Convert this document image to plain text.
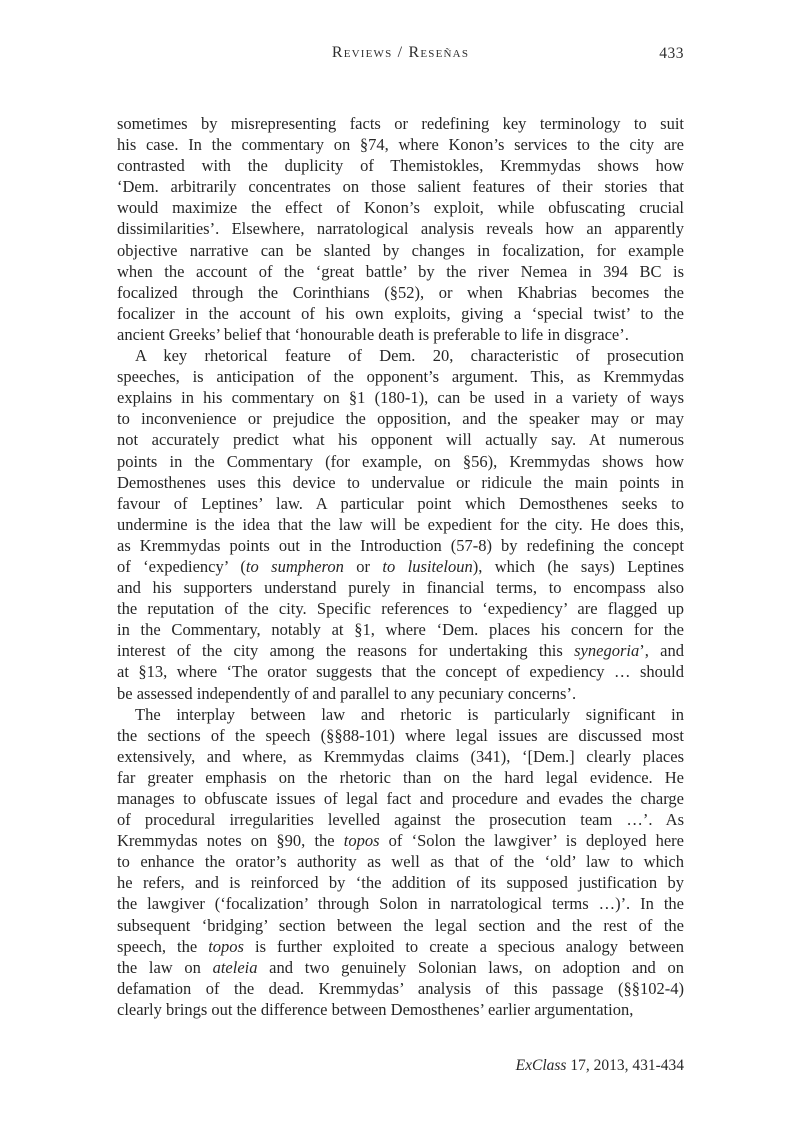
Reviews / Reseñas	433
sometimes by misrepresenting facts or redefining key terminology to suit
his case. In the commentary on §74, where Konon’s services to the city are
contrasted with the duplicity of Themistokles, Kremmydas shows how
‘Dem. arbitrarily concentrates on those salient features of their stories that
would maximize the effect of Konon’s exploit, while obfuscating crucial
dissimilarities’. Elsewhere, narratological analysis reveals how an apparently
objective narrative can be slanted by changes in focalization, for example
when the account of the ‘great battle’ by the river Nemea in 394 BC is
focalized through the Corinthians (§52), or when Khabrias becomes the
focalizer in the account of his own exploits, giving a ‘special twist’ to the
ancient Greeks’ belief that ‘honourable death is preferable to life in disgrace’.
A key rhetorical feature of Dem. 20, characteristic of prosecution
speeches, is anticipation of the opponent’s argument. This, as Kremmydas
explains in his commentary on §1 (180-1), can be used in a variety of ways
to inconvenience or prejudice the opposition, and the speaker may or may
not accurately predict what his opponent will actually say. At numerous
points in the Commentary (for example, on §56), Kremmydas shows how
Demosthenes uses this device to undervalue or ridicule the main points in
favour of Leptines’ law. A particular point which Demosthenes seeks to
undermine is the idea that the law will be expedient for the city. He does this,
as Kremmydas points out in the Introduction (57-8) by redefining the concept
of ‘expediency’ (to sumpheron or to lusiteloun), which (he says) Leptines
and his supporters understand purely in financial terms, to encompass also
the reputation of the city. Specific references to ‘expediency’ are flagged up
in the Commentary, notably at §1, where ‘Dem. places his concern for the
interest of the city among the reasons for undertaking this synegoria’, and
at §13, where ‘The orator suggests that the concept of expediency … should
be assessed independently of and parallel to any pecuniary concerns’.
The interplay between law and rhetoric is particularly significant in
the sections of the speech (§§88-101) where legal issues are discussed most
extensively, and where, as Kremmydas claims (341), ‘[Dem.] clearly places
far greater emphasis on the rhetoric than on the hard legal evidence. He
manages to obfuscate issues of legal fact and procedure and evades the charge
of procedural irregularities levelled against the prosecution team …’. As
Kremmydas notes on §90, the topos of ‘Solon the lawgiver’ is deployed here
to enhance the orator’s authority as well as that of the ‘old’ law to which
he refers, and is reinforced by ‘the addition of its supposed justification by
the lawgiver (‘focalization’ through Solon in narratological terms …)’. In the
subsequent ‘bridging’ section between the legal section and the rest of the
speech, the topos is further exploited to create a specious analogy between
the law on ateleia and two genuinely Solonian laws, on adoption and on
defamation of the dead. Kremmydas’ analysis of this passage (§§102-4)
clearly brings out the difference between Demosthenes’ earlier argumentation,
ExClass 17, 2013, 431-434
